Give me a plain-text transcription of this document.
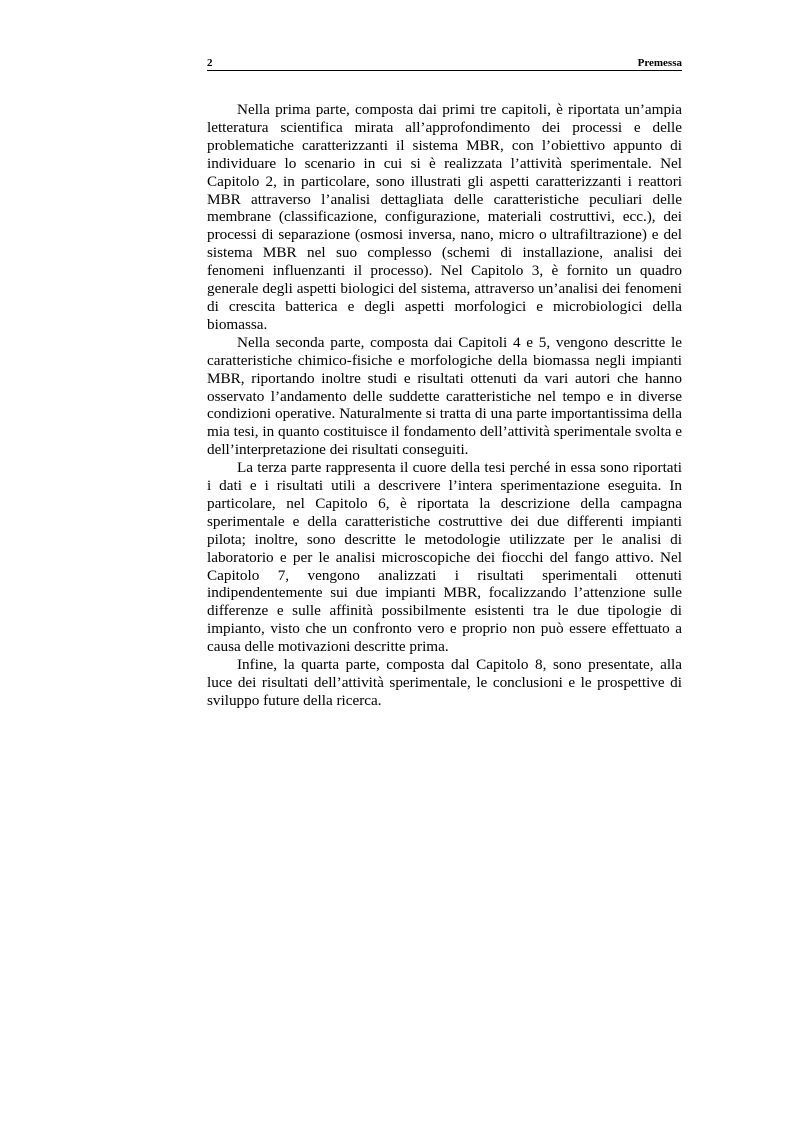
2	Premessa

Nella prima parte, composta dai primi tre capitoli, è riportata un’ampia letteratura scientifica mirata all’approfondimento dei processi e delle problematiche caratterizzanti il sistema MBR, con l’obiettivo appunto di individuare lo scenario in cui si è realizzata l’attività sperimentale. Nel Capitolo 2, in particolare, sono illustrati gli aspetti caratterizzanti i reattori MBR attraverso l’analisi dettagliata delle caratteristiche peculiari delle membrane (classificazione, configurazione, materiali costruttivi, ecc.), dei processi di separazione (osmosi inversa, nano, micro o ultrafiltrazione) e del sistema MBR nel suo complesso (schemi di installazione, analisi dei fenomeni influenzanti il processo). Nel Capitolo 3, è fornito un quadro generale degli aspetti biologici del sistema, attraverso un’analisi dei fenomeni di crescita batterica e degli aspetti morfologici e microbiologici della biomassa.

Nella seconda parte, composta dai Capitoli 4 e 5, vengono descritte le caratteristiche chimico-fisiche e morfologiche della biomassa negli impianti MBR, riportando inoltre studi e risultati ottenuti da vari autori che hanno osservato l’andamento delle suddette caratteristiche nel tempo e in diverse condizioni operative. Naturalmente si tratta di una parte importantissima della mia tesi, in quanto costituisce il fondamento dell’attività sperimentale svolta e dell’interpretazione dei risultati conseguiti.

La terza parte rappresenta il cuore della tesi perché in essa sono riportati i dati e i risultati utili a descrivere l’intera sperimentazione eseguita. In particolare, nel Capitolo 6, è riportata la descrizione della campagna sperimentale e della caratteristiche costruttive dei due differenti impianti pilota; inoltre, sono descritte le metodologie utilizzate per le analisi di laboratorio e per le analisi microscopiche dei fiocchi del fango attivo. Nel Capitolo 7, vengono analizzati i risultati sperimentali ottenuti indipendentemente sui due impianti MBR, focalizzando l’attenzione sulle differenze e sulle affinità possibilmente esistenti tra le due tipologie di impianto, visto che un confronto vero e proprio non può essere effettuato a causa delle motivazioni descritte prima.

Infine, la quarta parte, composta dal Capitolo 8, sono presentate, alla luce dei risultati dell’attività sperimentale, le conclusioni e le prospettive di sviluppo future della ricerca.
